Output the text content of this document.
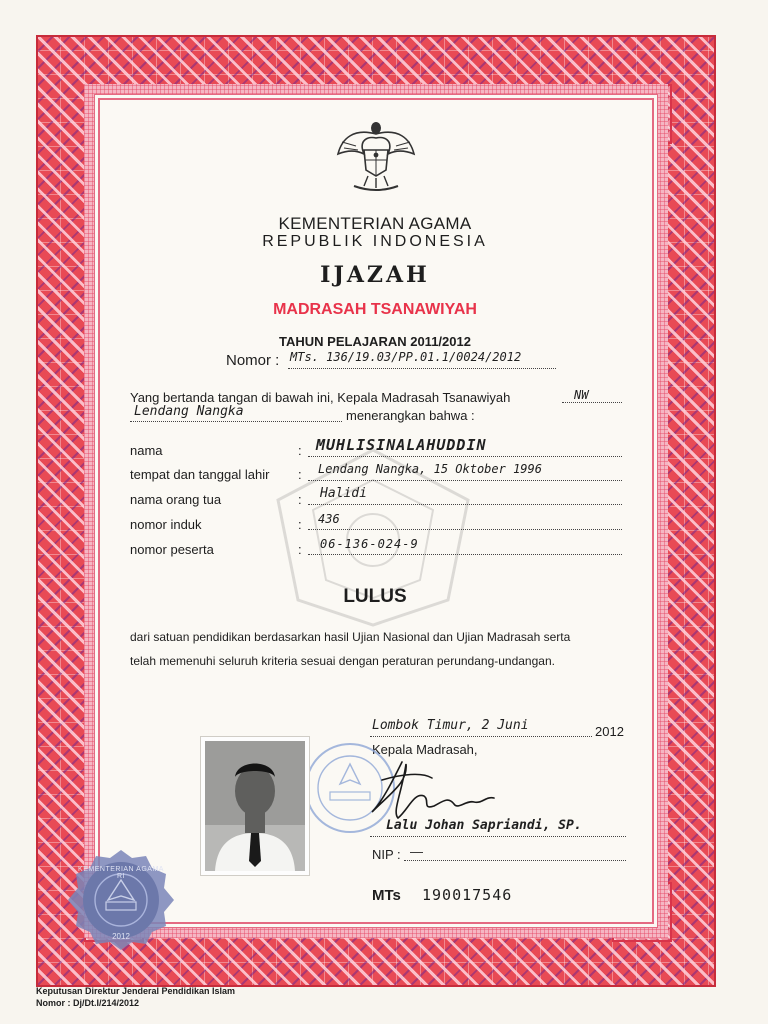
KEMENTERIAN AGAMA
REPUBLIK INDONESIA
IJAZAH
MADRASAH TSANAWIYAH
TAHUN PELAJARAN 2011/2012
Nomor : MTs. 136/19.03/PP.01.1/0024/2012
Yang bertanda tangan di bawah ini, Kepala Madrasah Tsanawiyah	NW
Lendang Nangka	menerangkan bahwa :
nama	: MUHLISINALAHUDDIN
tempat dan tanggal lahir : Lendang Nangka, 15 Oktober 1996
nama orang tua	: Halidi
nomor induk	: 436
nomor peserta	: 06-136-024-9
LULUS
dari satuan pendidikan berdasarkan hasil Ujian Nasional dan Ujian Madrasah serta
telah memenuhi seluruh kriteria sesuai dengan peraturan perundang-undangan.
Lombok Timur, 2 Juni	2012
Kepala Madrasah,
Lalu Johan Sapriandi, SP.
NIP : —
KEMENTERIAN AGAMA RI
2012
MTs 190017546
Keputusan Direktur Jenderal Pendidikan Islam
Nomor : Dj/Dt.I/214/2012
